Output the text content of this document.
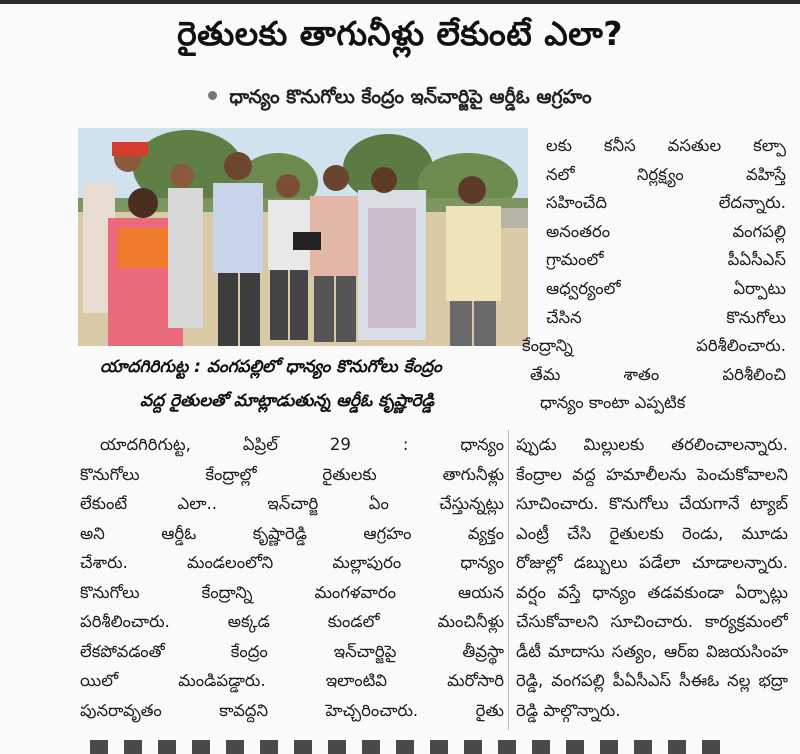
రైతులకు తాగునీళ్లు లేకుంటే ఎలా?
ధాన్యం కొనుగోలు కేంద్రం ఇన్‌చార్జిపై ఆర్డీఓ ఆగ్రహం
యాదగిరిగుట్ట : వంగపల్లిలో ధాన్యం కొనుగోలు కేంద్రం
వద్ద రైతులతో మాట్లాడుతున్న ఆర్డీఓ కృష్ణారెడ్డి
లకు కనీస వసతుల కల్పా
నలో నిర్లక్ష్యం వహిస్తే
సహించేది లేదన్నారు.
అనంతరం వంగపల్లి
గ్రామంలో పీఏసీఎస్
ఆధ్వర్యంలో ఏర్పాటు
చేసిన కొనుగోలు
కేంద్రాన్ని పరిశీలించారు.
తేమ శాతం పరిశీలించి
ధాన్యం కాంటా ఎప్పటిక
యాదగిరిగుట్ట, ఏప్రిల్ 29 : ధాన్యం
కొనుగోలు కేంద్రాల్లో రైతులకు తాగునీళ్లు
లేకుంటే ఎలా.. ఇన్‌చార్జి ఏం చేస్తున్నట్లు
అని ఆర్డీఓ కృష్ణారెడ్డి ఆగ్రహం వ్యక్తం
చేశారు. మండలంలోని మల్లాపురం ధాన్యం
కొనుగోలు కేంద్రాన్ని మంగళవారం ఆయన
పరిశీలించారు. అక్కడ కుండలో మంచినీళ్లు
లేకపోవడంతో కేంద్రం ఇన్‌చార్జిపై తీవ్రస్థా
యిలో మండిపడ్డారు. ఇలాంటివి మరోసారి
పునరావృతం కావద్దని హెచ్చరించారు. రైతు
ప్పుడు మిల్లులకు తరలించాలన్నారు.
కేంద్రాల వద్ద హమాలీలను పెంచుకోవాలని
సూచించారు. కొనుగోలు చేయగానే ట్యాబ్
ఎంట్రీ చేసి రైతులకు రెండు, మూడు
రోజుల్లో డబ్బులు పడేలా చూడాలన్నారు.
వర్షం వస్తే ధాన్యం తడవకుండా ఏర్పాట్లు
చేసుకోవాలని సూచించారు. కార్యక్రమంలో
డీటీ మాదాసు సత్యం, ఆర్ఐ విజయసింహ
రెడ్డి, వంగపల్లి పీఏసీఎస్ సీఈఓ నల్ల భద్రా
రెడ్డి పాల్గొన్నారు.
